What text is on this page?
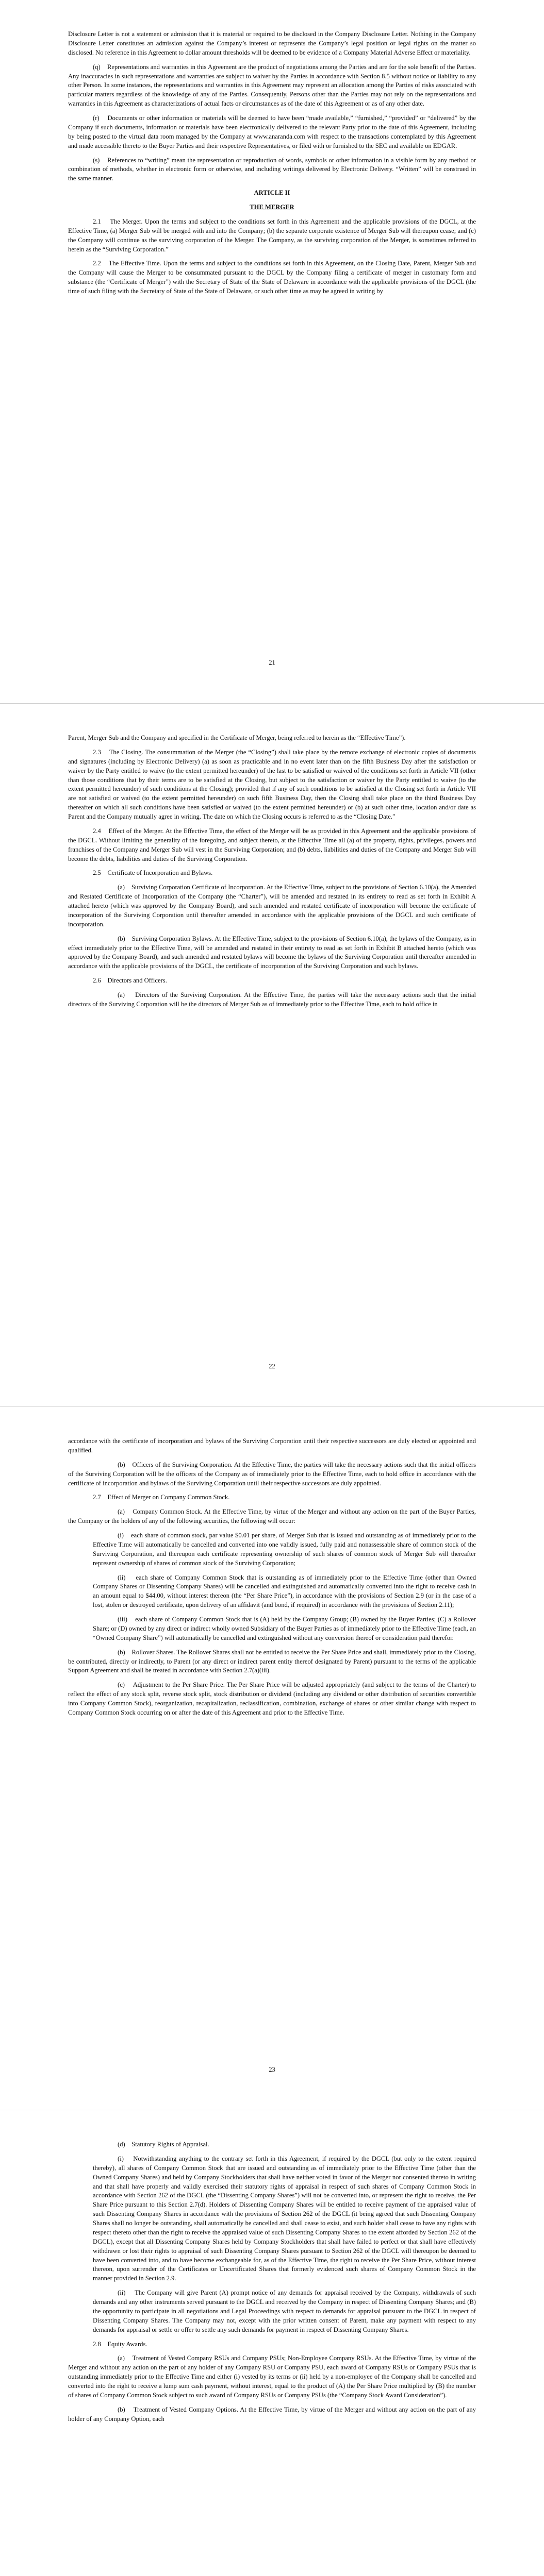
Disclosure Letter is not a statement or admission that it is material or required to be disclosed in the Company Disclosure Letter. Nothing in the Company Disclosure Letter constitutes an admission against the Company’s interest or represents the Company’s legal position or legal rights on the matter so disclosed. No reference in this Agreement to dollar amount thresholds will be deemed to be evidence of a Company Material Adverse Effect or materiality.

(q)    Representations and warranties in this Agreement are the product of negotiations among the Parties and are for the sole benefit of the Parties. Any inaccuracies in such representations and warranties are subject to waiver by the Parties in accordance with Section 8.5 without notice or liability to any other Person. In some instances, the representations and warranties in this Agreement may represent an allocation among the Parties of risks associated with particular matters regardless of the knowledge of any of the Parties. Consequently, Persons other than the Parties may not rely on the representations and warranties in this Agreement as characterizations of actual facts or circumstances as of the date of this Agreement or as of any other date.

(r)    Documents or other information or materials will be deemed to have been “made available,” “furnished,” “provided” or “delivered” by the Company if such documents, information or materials have been electronically delivered to the relevant Party prior to the date of this Agreement, including by being posted to the virtual data room managed by the Company at www.anaranda.com with respect to the transactions contemplated by this Agreement and made accessible thereto to the Buyer Parties and their respective Representatives, or filed with or furnished to the SEC and available on EDGAR.

(s)    References to “writing” mean the representation or reproduction of words, symbols or other information in a visible form by any method or combination of methods, whether in electronic form or otherwise, and including writings delivered by Electronic Delivery. “Written” will be construed in the same manner.

ARTICLE II
THE MERGER

2.1    The Merger. Upon the terms and subject to the conditions set forth in this Agreement and the applicable provisions of the DGCL, at the Effective Time, (a) Merger Sub will be merged with and into the Company; (b) the separate corporate existence of Merger Sub will thereupon cease; and (c) the Company will continue as the surviving corporation of the Merger. The Company, as the surviving corporation of the Merger, is sometimes referred to herein as the “Surviving Corporation.”

2.2    The Effective Time. Upon the terms and subject to the conditions set forth in this Agreement, on the Closing Date, Parent, Merger Sub and the Company will cause the Merger to be consummated pursuant to the DGCL by the Company filing a certificate of merger in customary form and substance (the “Certificate of Merger”) with the Secretary of State of the State of Delaware in accordance with the applicable provisions of the DGCL (the time of such filing with the Secretary of State of the State of Delaware, or such other time as may be agreed in writing by

21

Parent, Merger Sub and the Company and specified in the Certificate of Merger, being referred to herein as the “Effective Time”).

2.3    The Closing. The consummation of the Merger (the “Closing”) shall take place by the remote exchange of electronic copies of documents and signatures (including by Electronic Delivery) (a) as soon as practicable and in no event later than on the fifth Business Day after the satisfaction or waiver by the Party entitled to waive (to the extent permitted hereunder) of the last to be satisfied or waived of the conditions set forth in Article VII (other than those conditions that by their terms are to be satisfied at the Closing, but subject to the satisfaction or waiver by the Party entitled to waive (to the extent permitted hereunder) of such conditions at the Closing); provided that if any of such conditions to be satisfied at the Closing set forth in Article VII are not satisfied or waived (to the extent permitted hereunder) on such fifth Business Day, then the Closing shall take place on the third Business Day thereafter on which all such conditions have been satisfied or waived (to the extent permitted hereunder) or (b) at such other time, location and/or date as Parent and the Company mutually agree in writing. The date on which the Closing occurs is referred to as the “Closing Date.”

2.4    Effect of the Merger. At the Effective Time, the effect of the Merger will be as provided in this Agreement and the applicable provisions of the DGCL. Without limiting the generality of the foregoing, and subject thereto, at the Effective Time all (a) of the property, rights, privileges, powers and franchises of the Company and Merger Sub will vest in the Surviving Corporation; and (b) debts, liabilities and duties of the Company and Merger Sub will become the debts, liabilities and duties of the Surviving Corporation.

2.5    Certificate of Incorporation and Bylaws.

(a)    Surviving Corporation Certificate of Incorporation. At the Effective Time, subject to the provisions of Section 6.10(a), the Amended and Restated Certificate of Incorporation of the Company (the “Charter”), will be amended and restated in its entirety to read as set forth in Exhibit A attached hereto (which was approved by the Company Board), and such amended and restated certificate of incorporation will become the certificate of incorporation of the Surviving Corporation until thereafter amended in accordance with the applicable provisions of the DGCL and such certificate of incorporation.

(b)    Surviving Corporation Bylaws. At the Effective Time, subject to the provisions of Section 6.10(a), the bylaws of the Company, as in effect immediately prior to the Effective Time, will be amended and restated in their entirety to read as set forth in Exhibit B attached hereto (which was approved by the Company Board), and such amended and restated bylaws will become the bylaws of the Surviving Corporation until thereafter amended in accordance with the applicable provisions of the DGCL, the certificate of incorporation of the Surviving Corporation and such bylaws.

2.6    Directors and Officers.

(a)    Directors of the Surviving Corporation. At the Effective Time, the parties will take the necessary actions such that the initial directors of the Surviving Corporation will be the directors of Merger Sub as of immediately prior to the Effective Time, each to hold office in

22

accordance with the certificate of incorporation and bylaws of the Surviving Corporation until their respective successors are duly elected or appointed and qualified.

(b)    Officers of the Surviving Corporation. At the Effective Time, the parties will take the necessary actions such that the initial officers of the Surviving Corporation will be the officers of the Company as of immediately prior to the Effective Time, each to hold office in accordance with the certificate of incorporation and bylaws of the Surviving Corporation until their respective successors are duly appointed.

2.7    Effect of Merger on Company Common Stock.

(a)    Company Common Stock. At the Effective Time, by virtue of the Merger and without any action on the part of the Buyer Parties, the Company or the holders of any of the following securities, the following will occur:

(i)    each share of common stock, par value $0.01 per share, of Merger Sub that is issued and outstanding as of immediately prior to the Effective Time will automatically be cancelled and converted into one validly issued, fully paid and nonassessable share of common stock of the Surviving Corporation, and thereupon each certificate representing ownership of such shares of common stock of Merger Sub will thereafter represent ownership of shares of common stock of the Surviving Corporation;

(ii)    each share of Company Common Stock that is outstanding as of immediately prior to the Effective Time (other than Owned Company Shares or Dissenting Company Shares) will be cancelled and extinguished and automatically converted into the right to receive cash in an amount equal to $44.00, without interest thereon (the “Per Share Price”), in accordance with the provisions of Section 2.9 (or in the case of a lost, stolen or destroyed certificate, upon delivery of an affidavit (and bond, if required) in accordance with the provisions of Section 2.11);

(iii)    each share of Company Common Stock that is (A) held by the Company Group; (B) owned by the Buyer Parties; (C) a Rollover Share; or (D) owned by any direct or indirect wholly owned Subsidiary of the Buyer Parties as of immediately prior to the Effective Time (each, an “Owned Company Share”) will automatically be cancelled and extinguished without any conversion thereof or consideration paid therefor.

(b)    Rollover Shares. The Rollover Shares shall not be entitled to receive the Per Share Price and shall, immediately prior to the Closing, be contributed, directly or indirectly, to Parent (or any direct or indirect parent entity thereof designated by Parent) pursuant to the terms of the applicable Support Agreement and shall be treated in accordance with Section 2.7(a)(iii).

(c)    Adjustment to the Per Share Price. The Per Share Price will be adjusted appropriately (and subject to the terms of the Charter) to reflect the effect of any stock split, reverse stock split, stock distribution or dividend (including any dividend or other distribution of securities convertible into Company Common Stock), reorganization, recapitalization, reclassification, combination, exchange of shares or other similar change with respect to Company Common Stock occurring on or after the date of this Agreement and prior to the Effective Time.

23

(d)    Statutory Rights of Appraisal.

(i)    Notwithstanding anything to the contrary set forth in this Agreement, if required by the DGCL (but only to the extent required thereby), all shares of Company Common Stock that are issued and outstanding as of immediately prior to the Effective Time (other than the Owned Company Shares) and held by Company Stockholders that shall have neither voted in favor of the Merger nor consented thereto in writing and that shall have properly and validly exercised their statutory rights of appraisal in respect of such shares of Company Common Stock in accordance with Section 262 of the DGCL (the “Dissenting Company Shares”) will not be converted into, or represent the right to receive, the Per Share Price pursuant to this Section 2.7(d). Holders of Dissenting Company Shares will be entitled to receive payment of the appraised value of such Dissenting Company Shares in accordance with the provisions of Section 262 of the DGCL (it being agreed that such Dissenting Company Shares shall no longer be outstanding, shall automatically be cancelled and shall cease to exist, and such holder shall cease to have any rights with respect thereto other than the right to receive the appraised value of such Dissenting Company Shares to the extent afforded by Section 262 of the DGCL), except that all Dissenting Company Shares held by Company Stockholders that shall have failed to perfect or that shall have effectively withdrawn or lost their rights to appraisal of such Dissenting Company Shares pursuant to Section 262 of the DGCL will thereupon be deemed to have been converted into, and to have become exchangeable for, as of the Effective Time, the right to receive the Per Share Price, without interest thereon, upon surrender of the Certificates or Uncertificated Shares that formerly evidenced such shares of Company Common Stock in the manner provided in Section 2.9.

(ii)    The Company will give Parent (A) prompt notice of any demands for appraisal received by the Company, withdrawals of such demands and any other instruments served pursuant to the DGCL and received by the Company in respect of Dissenting Company Shares; and (B) the opportunity to participate in all negotiations and Legal Proceedings with respect to demands for appraisal pursuant to the DGCL in respect of Dissenting Company Shares. The Company may not, except with the prior written consent of Parent, make any payment with respect to any demands for appraisal or settle or offer to settle any such demands for payment in respect of Dissenting Company Shares.

2.8    Equity Awards.

(a)    Treatment of Vested Company RSUs and Company PSUs; Non-Employee Company RSUs. At the Effective Time, by virtue of the Merger and without any action on the part of any holder of any Company RSU or Company PSU, each award of Company RSUs or Company PSUs that is outstanding immediately prior to the Effective Time and either (i) vested by its terms or (ii) held by a non-employee of the Company shall be cancelled and converted into the right to receive a lump sum cash payment, without interest, equal to the product of (A) the Per Share Price multiplied by (B) the number of shares of Company Common Stock subject to such award of Company RSUs or Company PSUs (the “Company Stock Award Consideration”).

(b)    Treatment of Vested Company Options. At the Effective Time, by virtue of the Merger and without any action on the part of any holder of any Company Option, each
